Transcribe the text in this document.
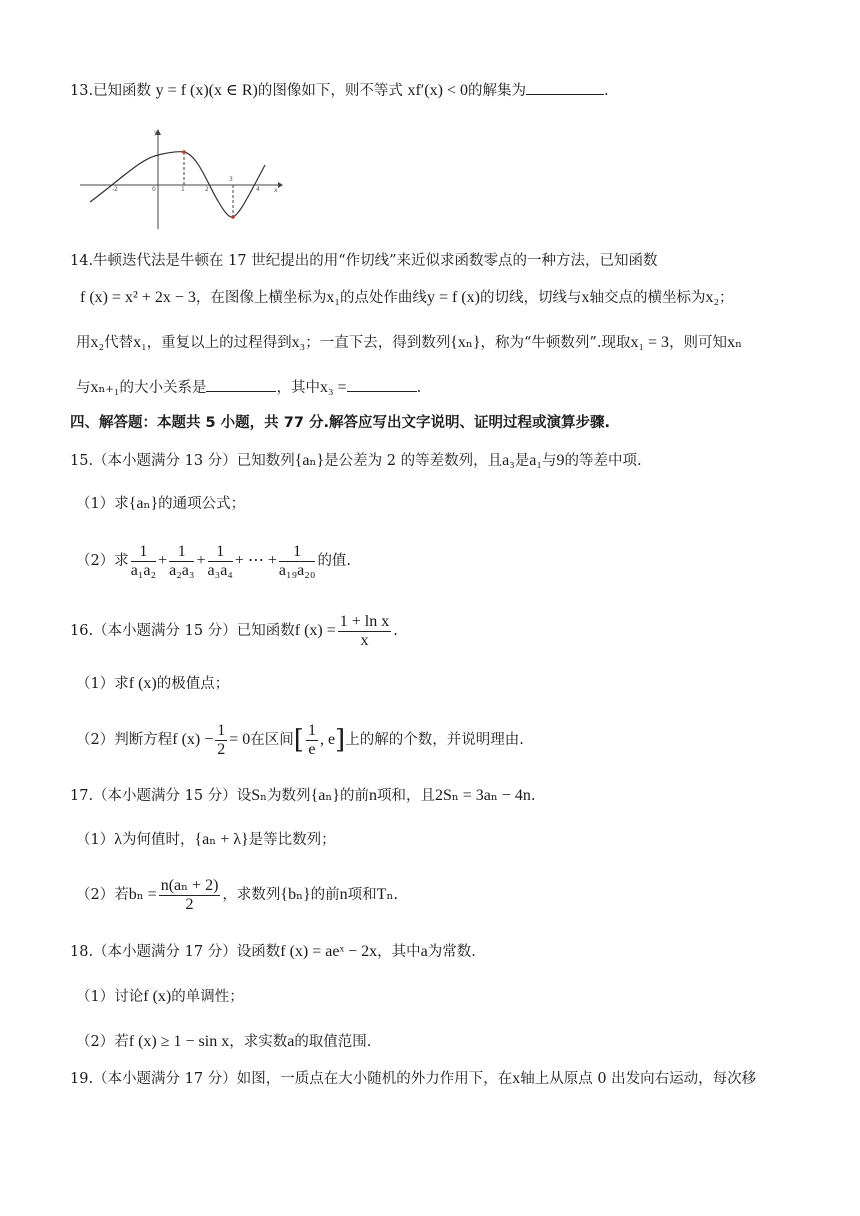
13.已知函数 y = f (x)(x ∈ R)的图像如下，则不等式 xf′(x) < 0的解集为	.
y
x
-2	0	1	2
3
4
14.牛顿迭代法是牛顿在 17 世纪提出的用“作切线”来近似求函数零点的一种方法，已知函数
f (x) = x² + 2x − 3，在图像上横坐标为x₁的点处作曲线y = f (x)的切线，切线与x轴交点的横坐标为x₂；
用x₂代替x₁，重复以上的过程得到x₃；一直下去，得到数列{xₙ}，称为“牛顿数列”.现取x₁ = 3，则可知xₙ
与xₙ₊₁的大小关系是	，其中x₃ =	.
四、解答题：本题共 5 小题，共 77 分.解答应写出文字说明、证明过程或演算步骤.
15.（本小题满分 13 分）已知数列{aₙ}是公差为 2 的等差数列，且a₃是a₁与9的等差中项.
（1）求{aₙ}的通项公式；
（2）求 $\frac{1}{\text{a₁a₂}} + \frac{1}{\text{a₂a₃}} + \frac{1}{\text{a₃a₄}}$ + ⋯ + $\frac{1}{\text{a₁₉a₂₀}}$ 的值.
16.（本小题满分 15 分）已知函数 f $(x) = \frac{\text{1 + ln x}}{x}$ .
（1）求f (x)的极值点；
（2）判断方程 f $(x) - \frac{1}{2} = 0$ 在区间 [ $\frac{1}{e}$ , e ] 上的解的个数，并说明理由.
17.（本小题满分 15 分）设Sₙ为数列{aₙ}的前n项和，且2Sₙ = 3aₙ − 4n.
（1）λ为何值时，{aₙ + λ}是等比数列；
（2）若 $b_n = \frac{\text{n(aₙ + 2)}}{2}$ ，求数列 {bₙ} 的前 n 项和 Tₙ .
18.（本小题满分 17 分）设函数f (x) = aeˣ − 2x，其中a为常数.
（1）讨论f (x)的单调性；
（2）若f (x) ≥ 1 − sin x，求实数a的取值范围.
19.（本小题满分 17 分）如图，一质点在大小随机的外力作用下，在x轴上从原点 0 出发向右运动，每次移
